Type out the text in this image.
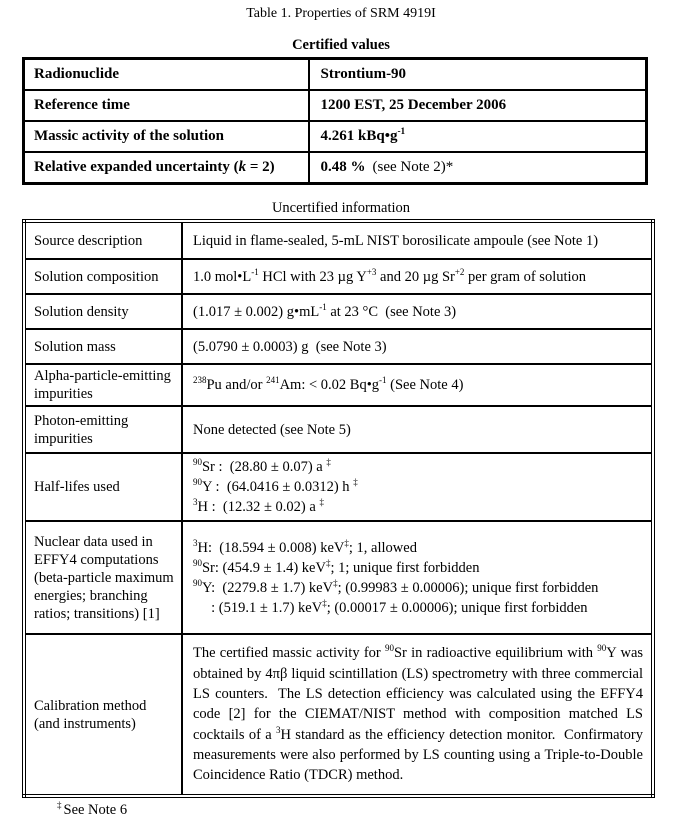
Table 1. Properties of SRM 4919I
Certified values
Radionuclide	Strontium-90
Reference time	1200 EST, 25 December 2006
Massic activity of the solution	4.261 $kBq•g^{-1}$
Relative expanded uncertainty (k = 2)	0.48 % (see Note 2)*
Uncertified information
Source description	Liquid in flame-sealed, 5-mL NIST borosilicate ampoule (see Note 1)

Solution composition	1.0 $mol•L^{-1}$ HCl with 23 µg $Y^{+3}$ and 20 µg $Sr^{+2}$ per gram of solution

Solution density	(1.017 ± 0.002) $g•mL^{-1}$ at 23 °C  (see Note 3)

Solution mass	(5.0790 ± 0.0003) g  (see Note 3)

Alpha-particle-emitting impurities	$^{238}$Pu and/or $^{241}$Am: < 0.02 $Bq•g^{-1}$ (See Note 4)

Photon-emitting impurities	None detected (see Note 5)

Half-lifes used	$^{90}$Sr :  (28.80 ± 0.07) a ‡
$^{90}$Y :  (64.0416 ± 0.0312) h ‡
$^3$H :  (12.32 ± 0.02) a ‡

Nuclear data used in EFFY4 computations (beta-particle maximum energies; branching ratios; transitions) [1]	$^3$H:  (18.594 ± 0.008) keV‡; 1, allowed
$^{90}$Sr: (454.9 ± 1.4) keV‡; 1; unique first forbidden
$^{90}$Y:  (2279.8 ± 1.7) keV‡; (0.99983 ± 0.00006); unique first forbidden
: (519.1 ± 1.7) keV‡; (0.00017 ± 0.00006); unique first forbidden

Calibration method (and instruments)	The certified massic activity for $^{90}$Sr in radioactive equilibrium with $^{90}$Y was obtained by 4πβ liquid scintillation (LS) spectrometry with three commercial LS counters.  The LS detection efficiency was calculated using the EFFY4 code [2] for the CIEMAT/NIST method with composition matched LS cocktails of a $^3$H standard as the efficiency detection monitor.  Confirmatory measurements were also performed by LS counting using a Triple-to-Double Coincidence Ratio (TDCR) method.
‡ See Note 6
